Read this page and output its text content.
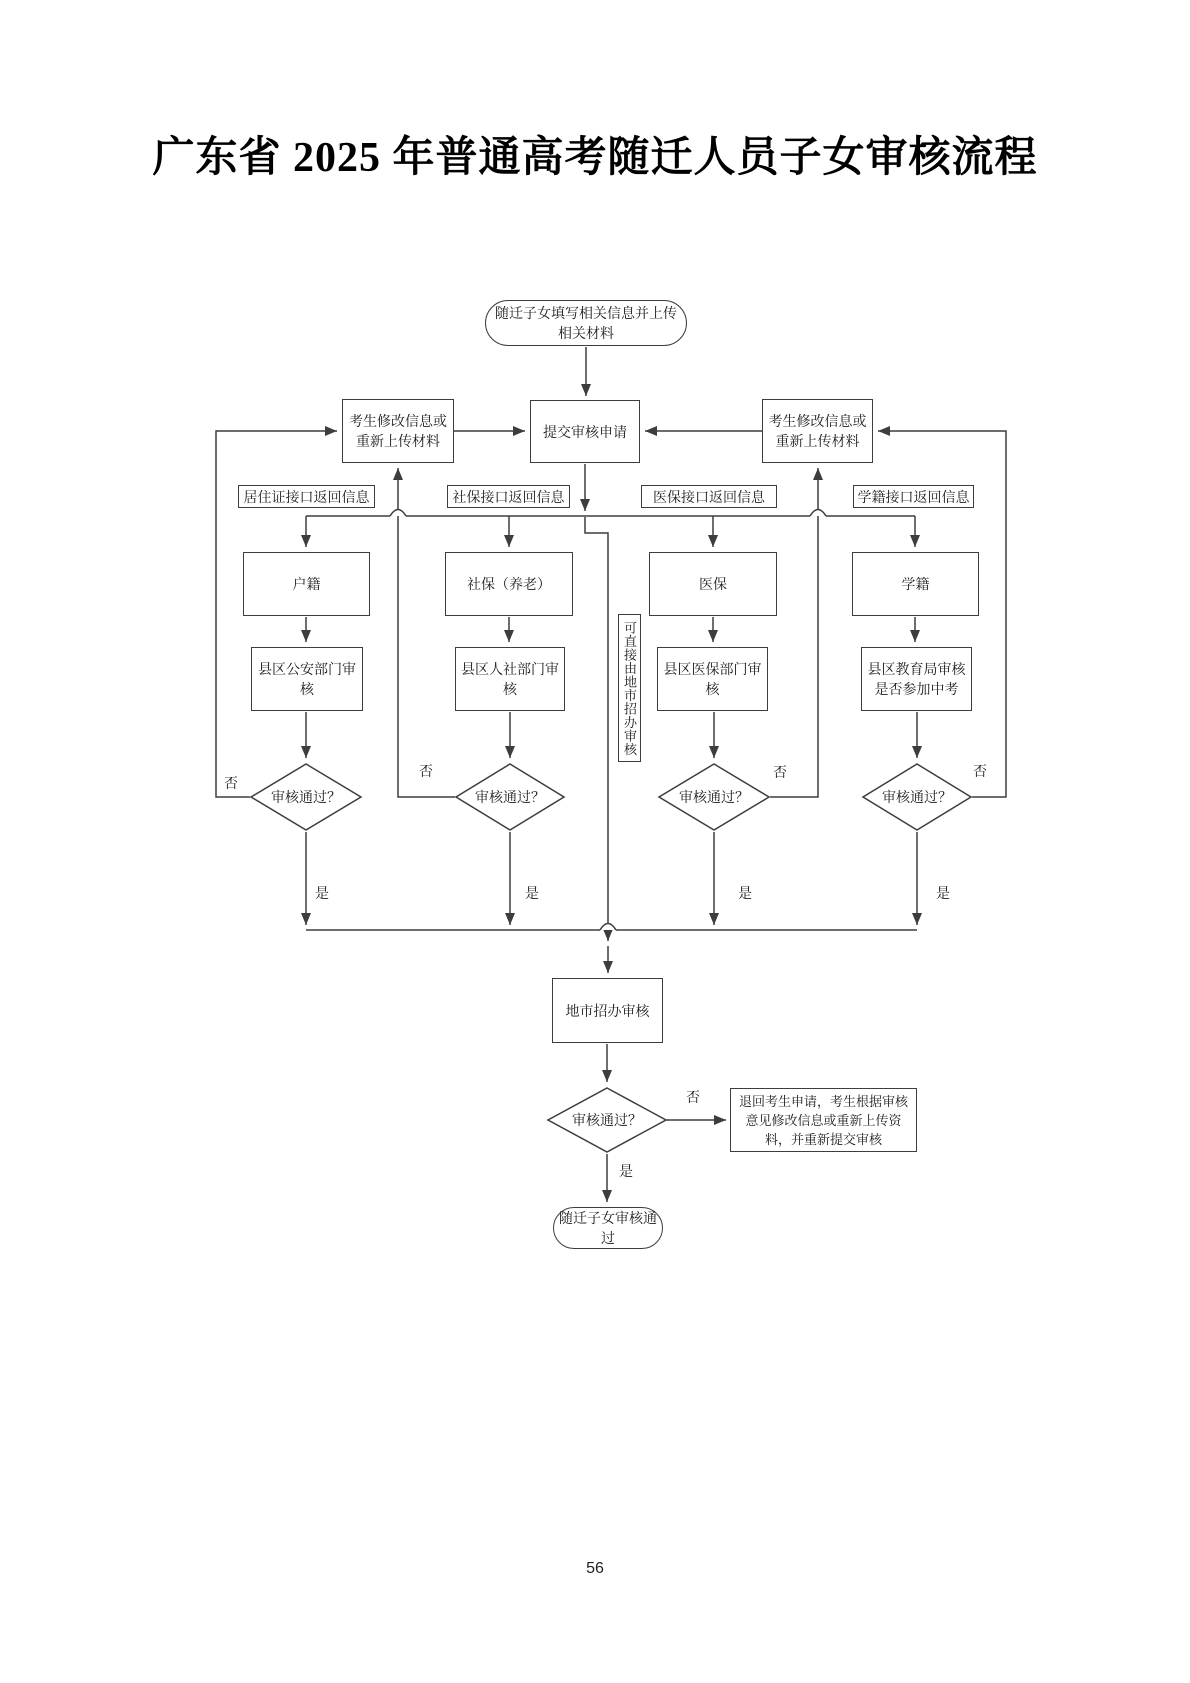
广东省 2025 年普通高考随迁人员子女审核流程
随迁子女填写相关信息并上传相关材料
考生修改信息或重新上传材料
提交审核申请
考生修改信息或重新上传材料
居住证接口返回信息	社保接口返回信息	医保接口返回信息	学籍接口返回信息
户籍	社保（养老）	医保	学籍
县区公安部门审核
县区人社部门审核
县区医保部门审核
县区教育局审核是否参加中考
可直接由地市招办审核
地市招办审核
退回考生申请，考生根据审核意见修改信息或重新上传资料，并重新提交审核
随迁子女审核通过
审核通过？	审核通过？	审核通过？	审核通过？
审核通过？
否
否	否	否
是	是	是	是
否
是
56
